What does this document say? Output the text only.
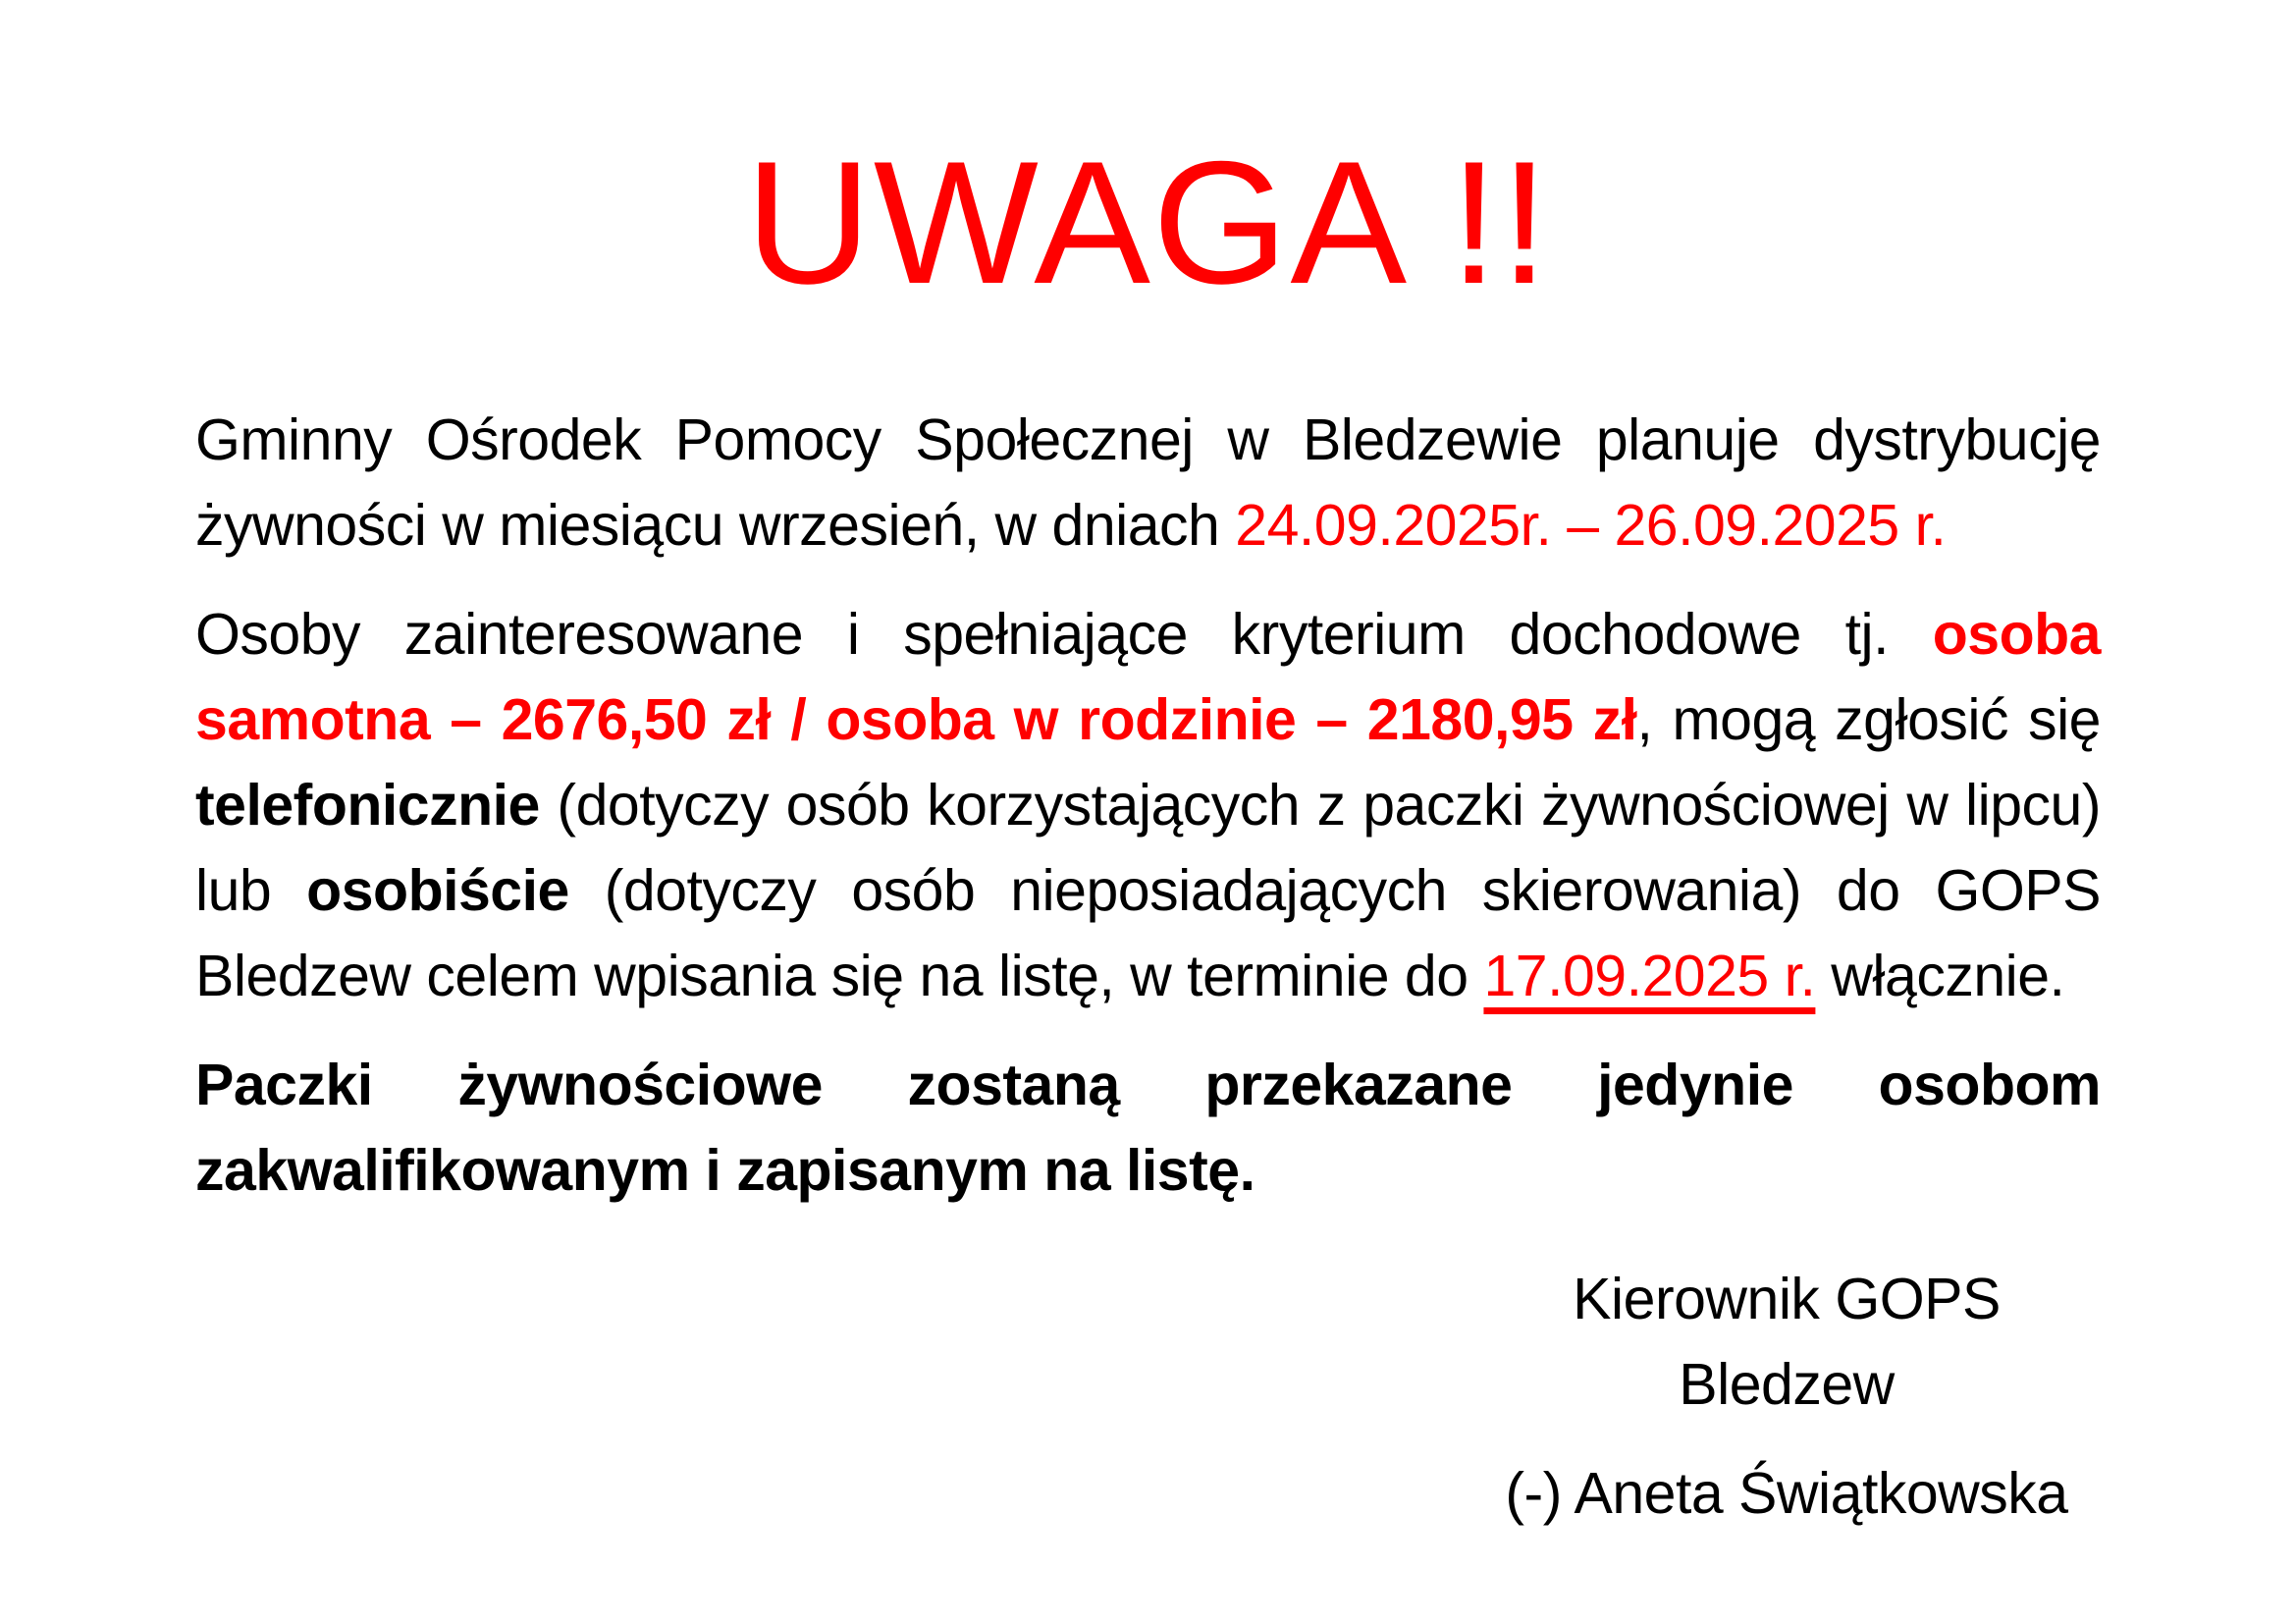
UWAGA !!

Gminny Ośrodek Pomocy Społecznej w Bledzewie planuje dystrybucję żywności w miesiącu wrzesień, w dniach 24.09.2025r. – 26.09.2025 r.

Osoby zainteresowane i spełniające kryterium dochodowe tj. osoba samotna – 2676,50 zł / osoba w rodzinie – 2180,95 zł, mogą zgłosić się telefonicznie (dotyczy osób korzystających z paczki żywnościowej w lipcu) lub osobiście (dotyczy osób nieposiadających skierowania) do GOPS Bledzew celem wpisania się na listę, w terminie do 17.09.2025 r. włącznie.

Paczki żywnościowe zostaną przekazane jedynie osobom zakwalifikowanym i zapisanym na listę.

Kierownik GOPS Bledzew

(-) Aneta Świątkowska
